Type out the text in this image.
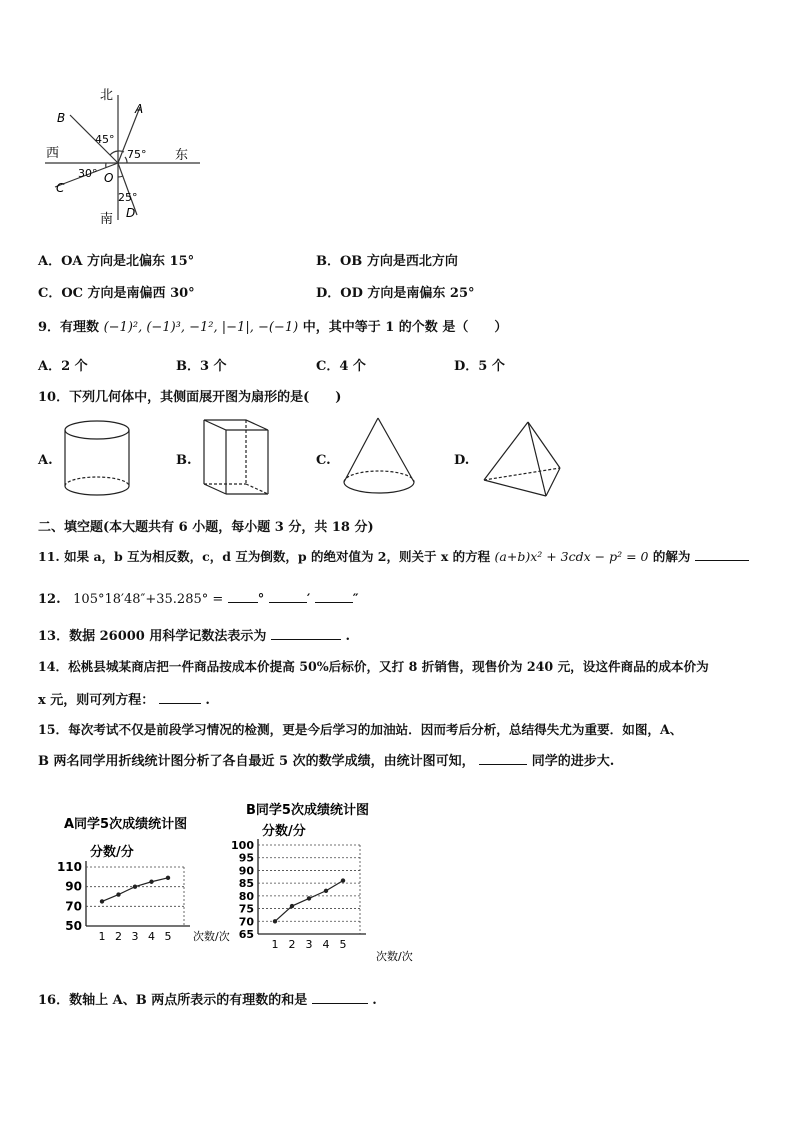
北
A
B
45°
西	75° 东
30° O
C
25°
D
南
A．OA 方向是北偏东 15°	B．OB 方向是西北方向
C．OC 方向是南偏西 30°	D．OD 方向是南偏东 25°
9．有理数 (−1)², (−1)³, −1², |−1|, −(−1) 中，其中等于 1 的个数 是（　　）
A．2 个	B．3 个	C．4 个	D．5 个
10．下列几何体中，其侧面展开图为扇形的是(　　)
A.	B.	C.	D.
二、填空题(本大题共有 6 小题，每小题 3 分，共 18 分)
11. 如果 a，b 互为相反数，c，d 互为倒数，p 的绝对值为 2，则关于 x 的方程 (a+b)x² + 3cdx − p² = 0 的解为
12. 105°18′48″+35.285° =	°	′	″
13．数据 26000 用科学记数法表示为	.
14．松桃县城某商店把一件商品按成本价提高 50%后标价，又打 8 折销售，现售价为 240 元，设这件商品的成本价为
x 元，则可列方程：	.
15．每次考试不仅是前段学习情况的检测，更是今后学习的加油站．因而考后分析，总结得失尤为重要．如图，A、
B 两名同学用折线统计图分析了各自最近 5 次的数学成绩，由统计图可知，	同学的进步大.
A同学5次成绩统计图
分数/分
次数/次
50
70
90
110
1 2 3 4 5
B同学5次成绩统计图
分数/分
次数/次
65
70
75
80
85
90
95
100
1 2 3 4 5
16．数轴上 A、B 两点所表示的有理数的和是	.
